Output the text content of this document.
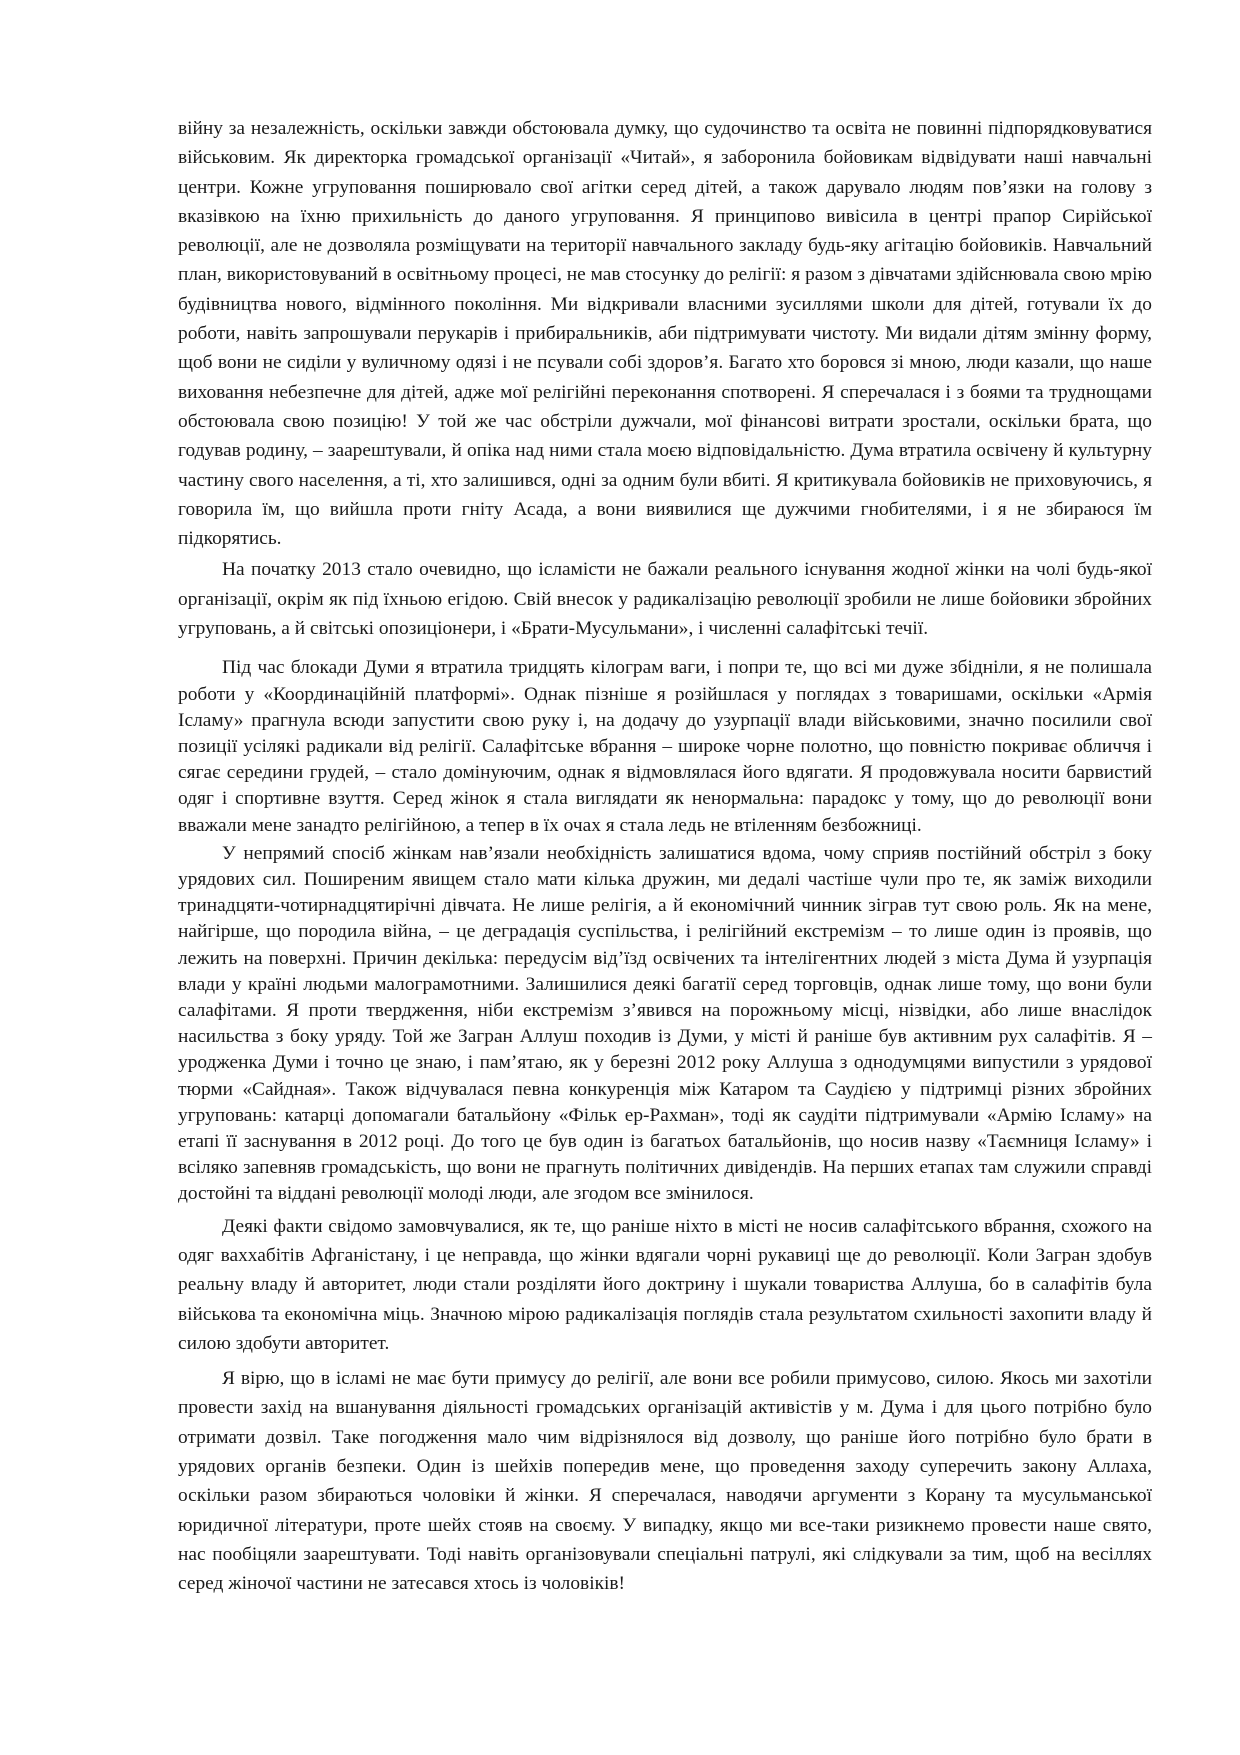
війну за незалежність, оскільки завжди обстоювала думку, що судочинство та освіта не повинні підпорядковуватися військовим. Як директорка громадської організації «Читай», я заборонила бойовикам відвідувати наші навчальні центри. Кожне угруповання поширювало свої агітки серед дітей, а також дарувало людям пов’язки на голову з вказівкою на їхню прихильність до даного угруповання. Я принципово вивісила в центрі прапор Сирійської революції, але не дозволяла розміщувати на території навчального закладу будь-яку агітацію бойовиків. Навчальний план, використовуваний в освітньому процесі, не мав стосунку до релігії: я разом з дівчатами здійснювала свою мрію будівництва нового, відмінного покоління. Ми відкривали власними зусиллями школи для дітей, готували їх до роботи, навіть запрошували перукарів і прибиральників, аби підтримувати чистоту. Ми видали дітям змінну форму, щоб вони не сиділи у вуличному одязі і не псували собі здоров’я. Багато хто боровся зі мною, люди казали, що наше виховання небезпечне для дітей, адже мої релігійні переконання спотворені. Я сперечалася і з боями та труднощами обстоювала свою позицію! У той же час обстріли дужчали, мої фінансові витрати зростали, оскільки брата, що годував родину, – заарештували, й опіка над ними стала моєю відповідальністю. Дума втратила освічену й культурну частину свого населення, а ті, хто залишився, одні за одним були вбиті. Я критикувала бойовиків не приховуючись, я говорила їм, що вийшла проти гніту Асада, а вони виявилися ще дужчими гнобителями, і я не збираюся їм підкорятись.

На початку 2013 стало очевидно, що ісламісти не бажали реального існування жодної жінки на чолі будь-якої організації, окрім як під їхньою егідою. Свій внесок у радикалізацію революції зробили не лише бойовики збройних угруповань, а й світські опозиціонери, і «Брати-Мусульмани», і численні салафітські течії.

Під час блокади Думи я втратила тридцять кілограм ваги, і попри те, що всі ми дуже збідніли, я не полишала роботи у «Координаційній платформі». Однак пізніше я розійшлася у поглядах з товаришами, оскільки «Армія Ісламу» прагнула всюди запустити свою руку і, на додачу до узурпації влади військовими, значно посилили свої позиції усілякі радикали від релігії. Салафітське вбрання – широке чорне полотно, що повністю покриває обличчя і сягає середини грудей, – стало домінуючим, однак я відмовлялася його вдягати. Я продовжувала носити барвистий одяг і спортивне взуття. Серед жінок я стала виглядати як ненормальна: парадокс у тому, що до революції вони вважали мене занадто релігійною, а тепер в їх очах я стала ледь не втіленням безбожниці.

У непрямий спосіб жінкам нав’язали необхідність залишатися вдома, чому сприяв постійний обстріл з боку урядових сил. Поширеним явищем стало мати кілька дружин, ми дедалі частіше чули про те, як заміж виходили тринадцяти-чотирнадцятирічні дівчата. Не лише релігія, а й економічний чинник зіграв тут свою роль. Як на мене, найгірше, що породила війна, – це деградація суспільства, і релігійний екстремізм – то лише один із проявів, що лежить на поверхні. Причин декілька: передусім від’їзд освічених та інтелігентних людей з міста Дума й узурпація влади у країні людьми малограмотними. Залишилися деякі багатії серед торговців, однак лише тому, що вони були салафітами. Я проти твердження, ніби екстремізм з’явився на порожньому місці, нізвідки, або лише внаслідок насильства з боку уряду. Той же Загран Аллуш походив із Думи, у місті й раніше був активним рух салафітів. Я – уродженка Думи і точно це знаю, і пам’ятаю, як у березні 2012 року Аллуша з однодумцями випустили з урядової тюрми «Сайдная». Також відчувалася певна конкуренція між Катаром та Саудією у підтримці різних збройних угруповань: катарці допомагали батальйону «Фільк ер-Рахман», тоді як саудіти підтримували «Армію Ісламу» на етапі її заснування в 2012 році. До того це був один із багатьох батальйонів, що носив назву «Таємниця Ісламу» і всіляко запевняв громадськість, що вони не прагнуть політичних дивідендів. На перших етапах там служили справді достойні та віддані революції молоді люди, але згодом все змінилося.

Деякі факти свідомо замовчувалися, як те, що раніше ніхто в місті не носив салафітського вбрання, схожого на одяг ваххабітів Афганістану, і це неправда, що жінки вдягали чорні рукавиці ще до революції. Коли Загран здобув реальну владу й авторитет, люди стали розділяти його доктрину і шукали товариства Аллуша, бо в салафітів була військова та економічна міць. Значною мірою радикалізація поглядів стала результатом схильності захопити владу й силою здобути авторитет.

Я вірю, що в ісламі не має бути примусу до релігії, але вони все робили примусово, силою. Якось ми захотіли провести захід на вшанування діяльності громадських організацій активістів у м. Дума і для цього потрібно було отримати дозвіл. Таке погодження мало чим відрізнялося від дозволу, що раніше його потрібно було брати в урядових органів безпеки. Один із шейхів попередив мене, що проведення заходу суперечить закону Аллаха, оскільки разом збираються чоловіки й жінки. Я сперечалася, наводячи аргументи з Корану та мусульманської юридичної літератури, проте шейх стояв на своєму. У випадку, якщо ми все-таки ризикнемо провести наше свято, нас пообіцяли заарештувати. Тоді навіть організовували спеціальні патрулі, які слідкували за тим, щоб на весіллях серед жіночої частини не затесався хтось із чоловіків!
